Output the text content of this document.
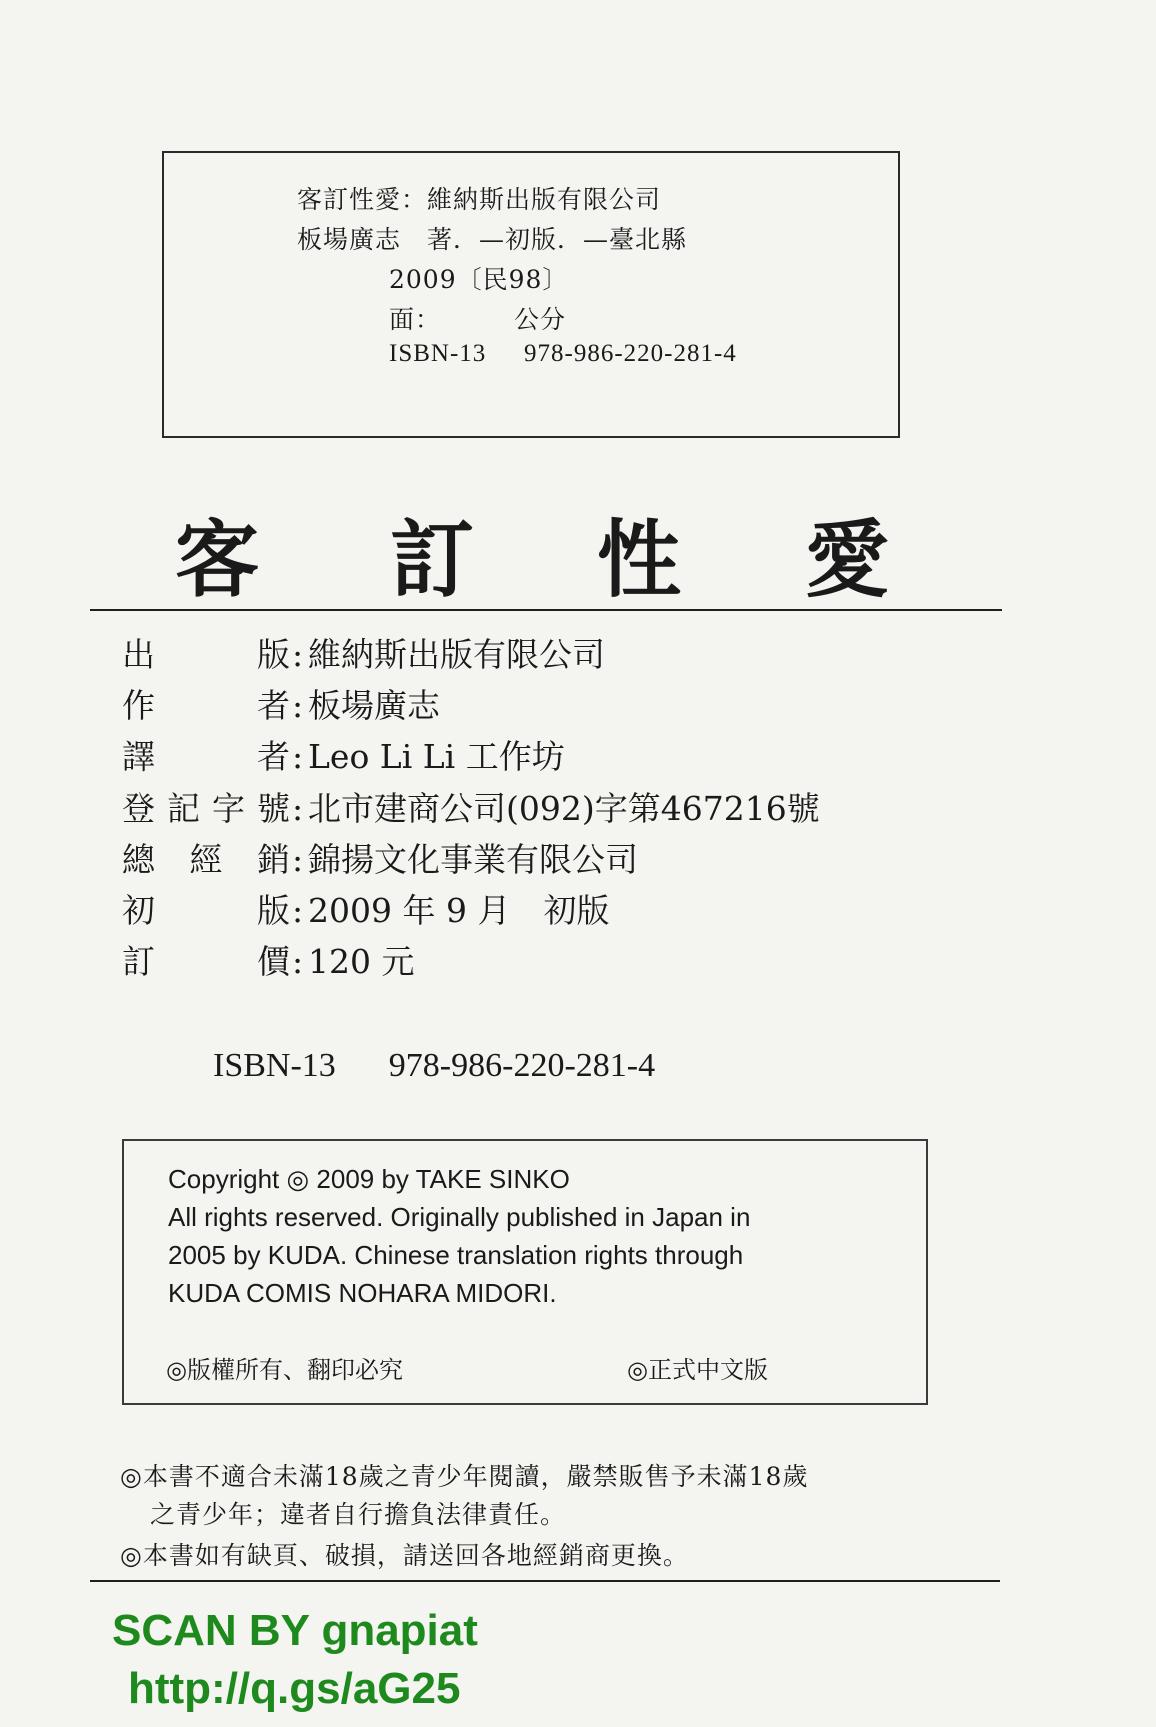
客訂性愛：維納斯出版有限公司
板場廣志　著．—初版．—臺北縣
2009〔民98〕
面：	公分
ISBN-13 978-986-220-281-4
客 訂 性 愛
出版: 維納斯出版有限公司
作者: 板場廣志
譯者: Leo Li Li 工作坊
登記字號: 北市建商公司(092)字第467216號
總經銷: 錦揚文化事業有限公司
初版: 2009 年 9 月　初版
訂價: 120 元
ISBN-13 978-986-220-281-4
Copyright ◎ 2009 by TAKE SINKO
All rights reserved. Originally published in Japan in
2005 by KUDA. Chinese translation rights through
KUDA COMIS NOHARA MIDORI.
◎版權所有、翻印必究	◎正式中文版
◎本書不適合未滿18歲之青少年閱讀，嚴禁販售予未滿18歲
之青少年；違者自行擔負法律責任。
◎本書如有缺頁、破損，請送回各地經銷商更換。
SCAN BY gnapiat
http://q.gs/aG25
